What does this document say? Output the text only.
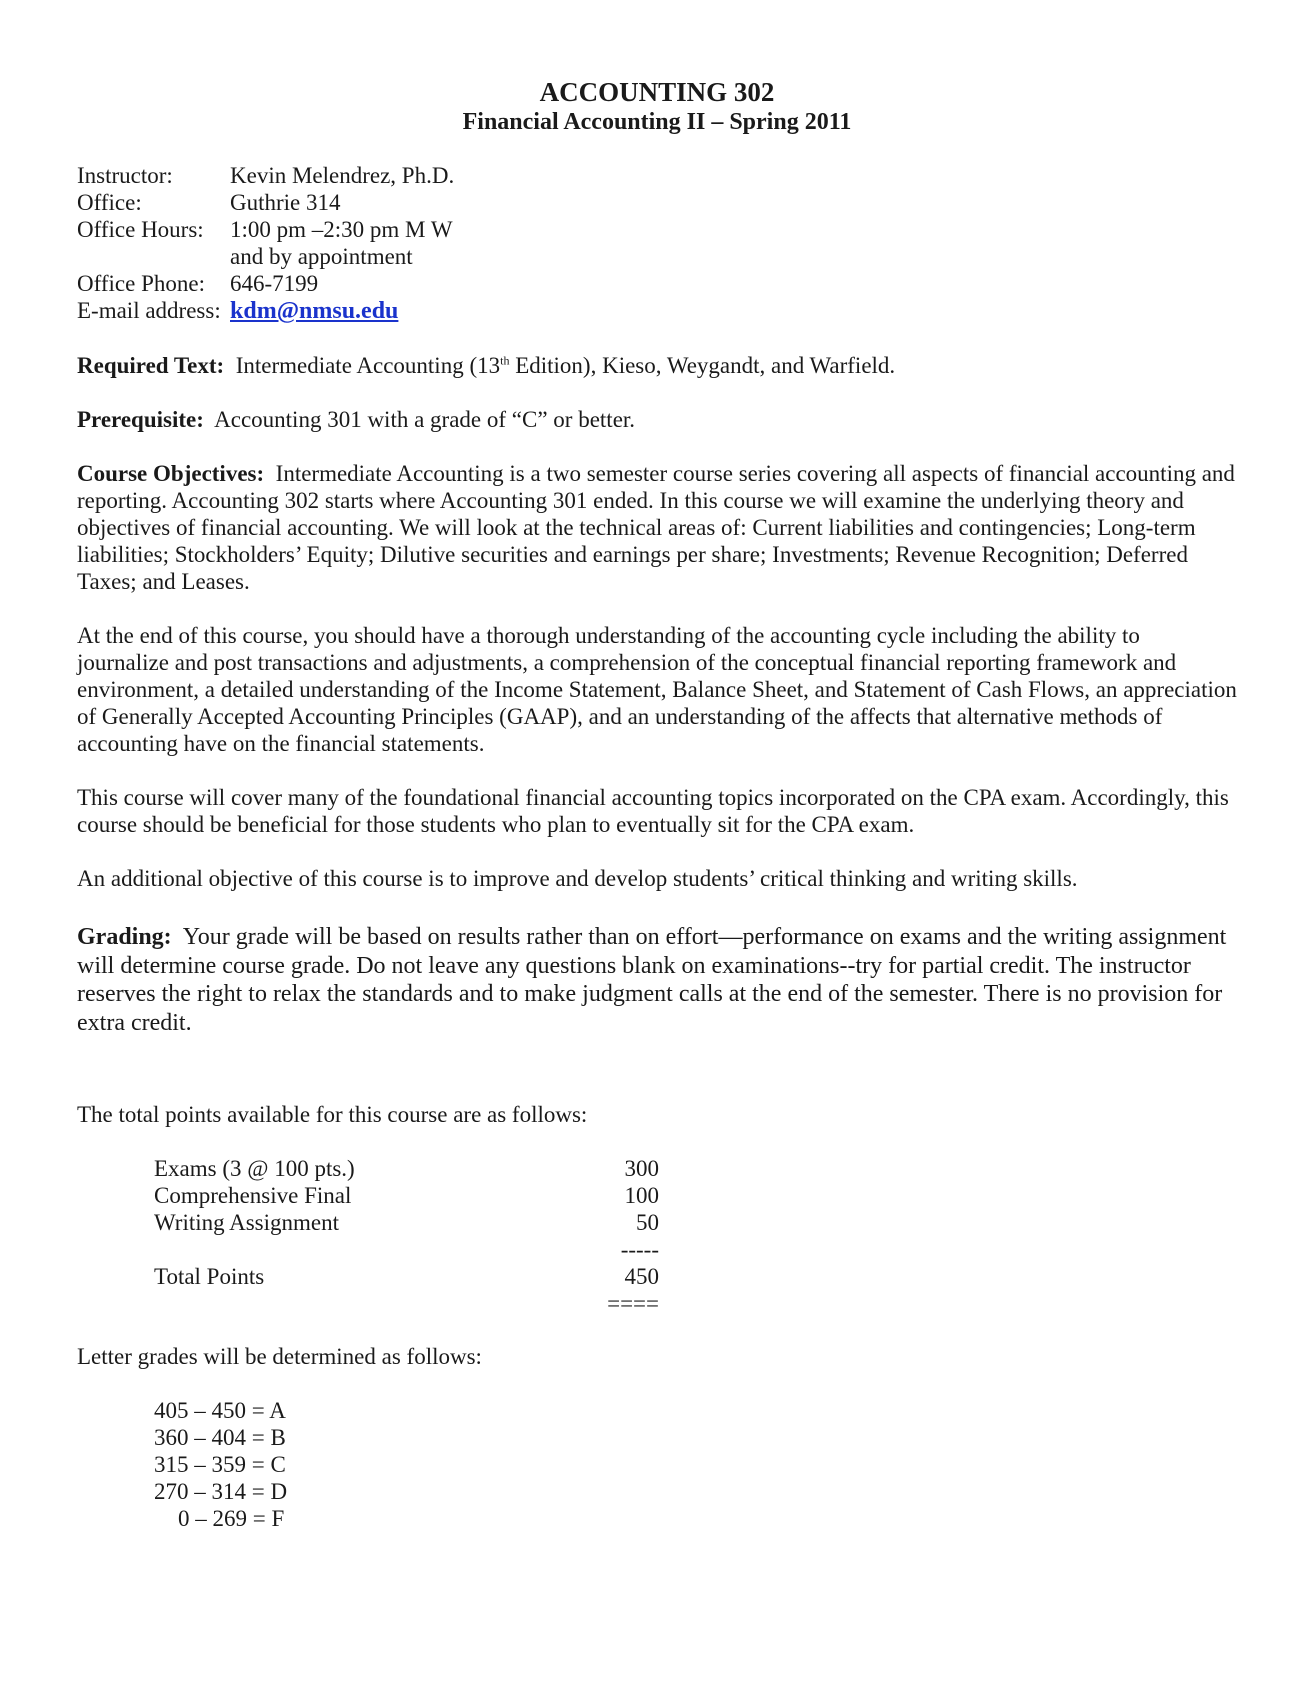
ACCOUNTING 302
Financial Accounting II – Spring 2011
Instructor:	Kevin Melendrez, Ph.D.
Office:	Guthrie 314
Office Hours:	1:00 pm –2:30 pm M W
and by appointment
Office Phone:	646-7199
E-mail address: kdm@nmsu.edu

Required Text: Intermediate Accounting (13th Edition), Kieso, Weygandt, and Warfield.

Prerequisite: Accounting 301 with a grade of “C” or better.

Course Objectives: Intermediate Accounting is a two semester course series covering all aspects of financial accounting and reporting. Accounting 302 starts where Accounting 301 ended. In this course we will examine the underlying theory and objectives of financial accounting. We will look at the technical areas of: Current liabilities and contingencies; Long-term liabilities; Stockholders’ Equity; Dilutive securities and earnings per share; Investments; Revenue Recognition; Deferred Taxes; and Leases.

At the end of this course, you should have a thorough understanding of the accounting cycle including the ability to journalize and post transactions and adjustments, a comprehension of the conceptual financial reporting framework and environment, a detailed understanding of the Income Statement, Balance Sheet, and Statement of Cash Flows, an appreciation of Generally Accepted Accounting Principles (GAAP), and an understanding of the affects that alternative methods of accounting have on the financial statements.

This course will cover many of the foundational financial accounting topics incorporated on the CPA exam. Accordingly, this course should be beneficial for those students who plan to eventually sit for the CPA exam.

An additional objective of this course is to improve and develop students’ critical thinking and writing skills.

Grading: Your grade will be based on results rather than on effort—performance on exams and the writing assignment will determine course grade. Do not leave any questions blank on examinations--try for partial credit. The instructor reserves the right to relax the standards and to make judgment calls at the end of the semester. There is no provision for extra credit.

The total points available for this course are as follows:

Exams (3 @ 100 pts.)	300
Comprehensive Final	100
Writing Assignment	50
-----
Total Points	450
====

Letter grades will be determined as follows:

405 – 450 = A
360 – 404 = B
315 – 359 = C
270 – 314 = D
0 – 269 = F
